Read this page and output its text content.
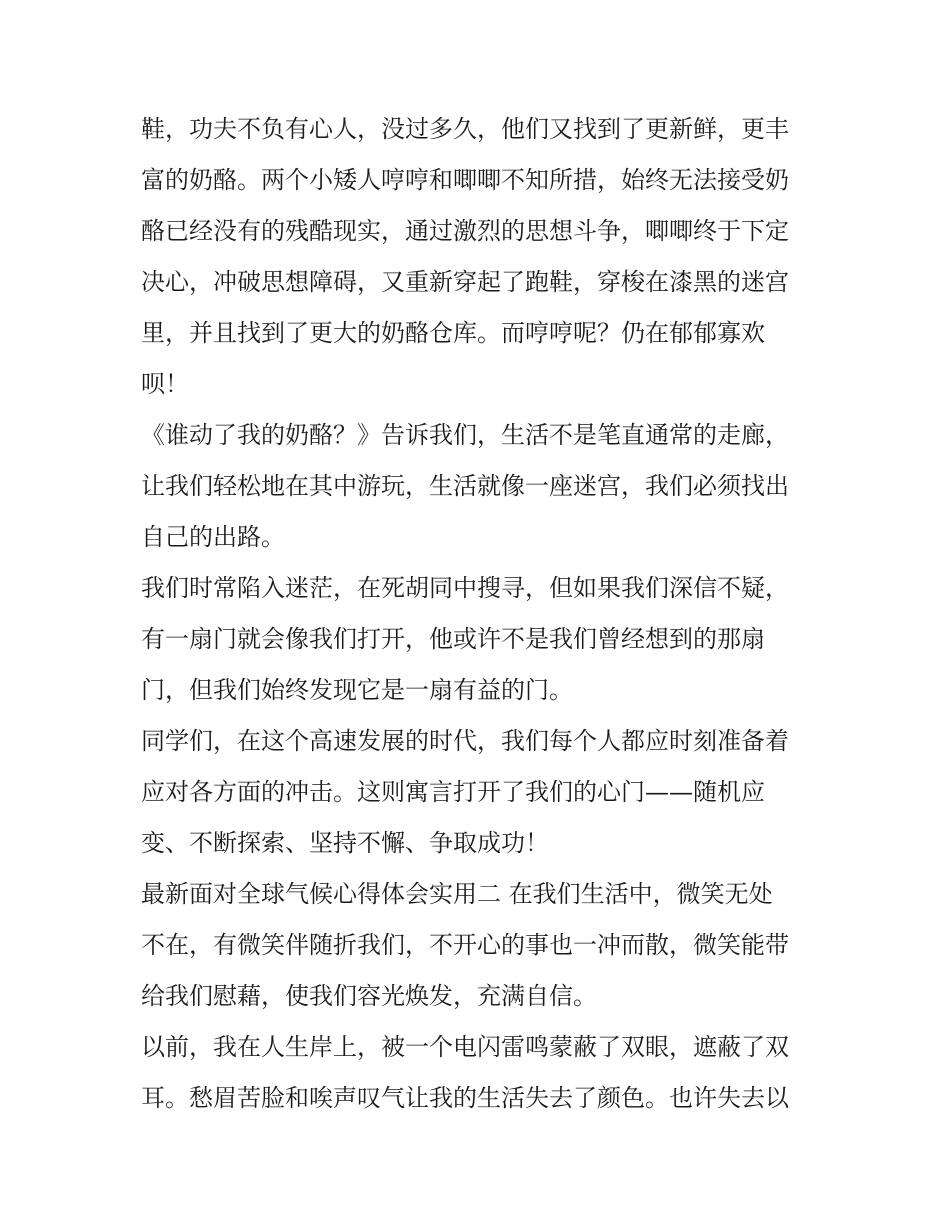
鞋，功夫不负有心人，没过多久，他们又找到了更新鲜，更丰
富的奶酪。两个小矮人哼哼和唧唧不知所措，始终无法接受奶
酪已经没有的残酷现实，通过激烈的思想斗争，唧唧终于下定
决心，冲破思想障碍，又重新穿起了跑鞋，穿梭在漆黑的迷宫
里，并且找到了更大的奶酪仓库。而哼哼呢？仍在郁郁寡欢
呗！
《谁动了我的奶酪？》告诉我们，生活不是笔直通常的走廊，
让我们轻松地在其中游玩，生活就像一座迷宫，我们必须找出
自己的出路。
我们时常陷入迷茫，在死胡同中搜寻，但如果我们深信不疑，
有一扇门就会像我们打开，他或许不是我们曾经想到的那扇
门，但我们始终发现它是一扇有益的门。
同学们，在这个高速发展的时代，我们每个人都应时刻准备着
应对各方面的冲击。这则寓言打开了我们的心门——随机应
变、不断探索、坚持不懈、争取成功！
最新面对全球气候心得体会实用二 在我们生活中，微笑无处
不在，有微笑伴随折我们，不开心的事也一冲而散，微笑能带
给我们慰藉，使我们容光焕发，充满自信。
以前，我在人生岸上，被一个电闪雷鸣蒙蔽了双眼，遮蔽了双
耳。愁眉苦脸和唉声叹气让我的生活失去了颜色。也许失去以
